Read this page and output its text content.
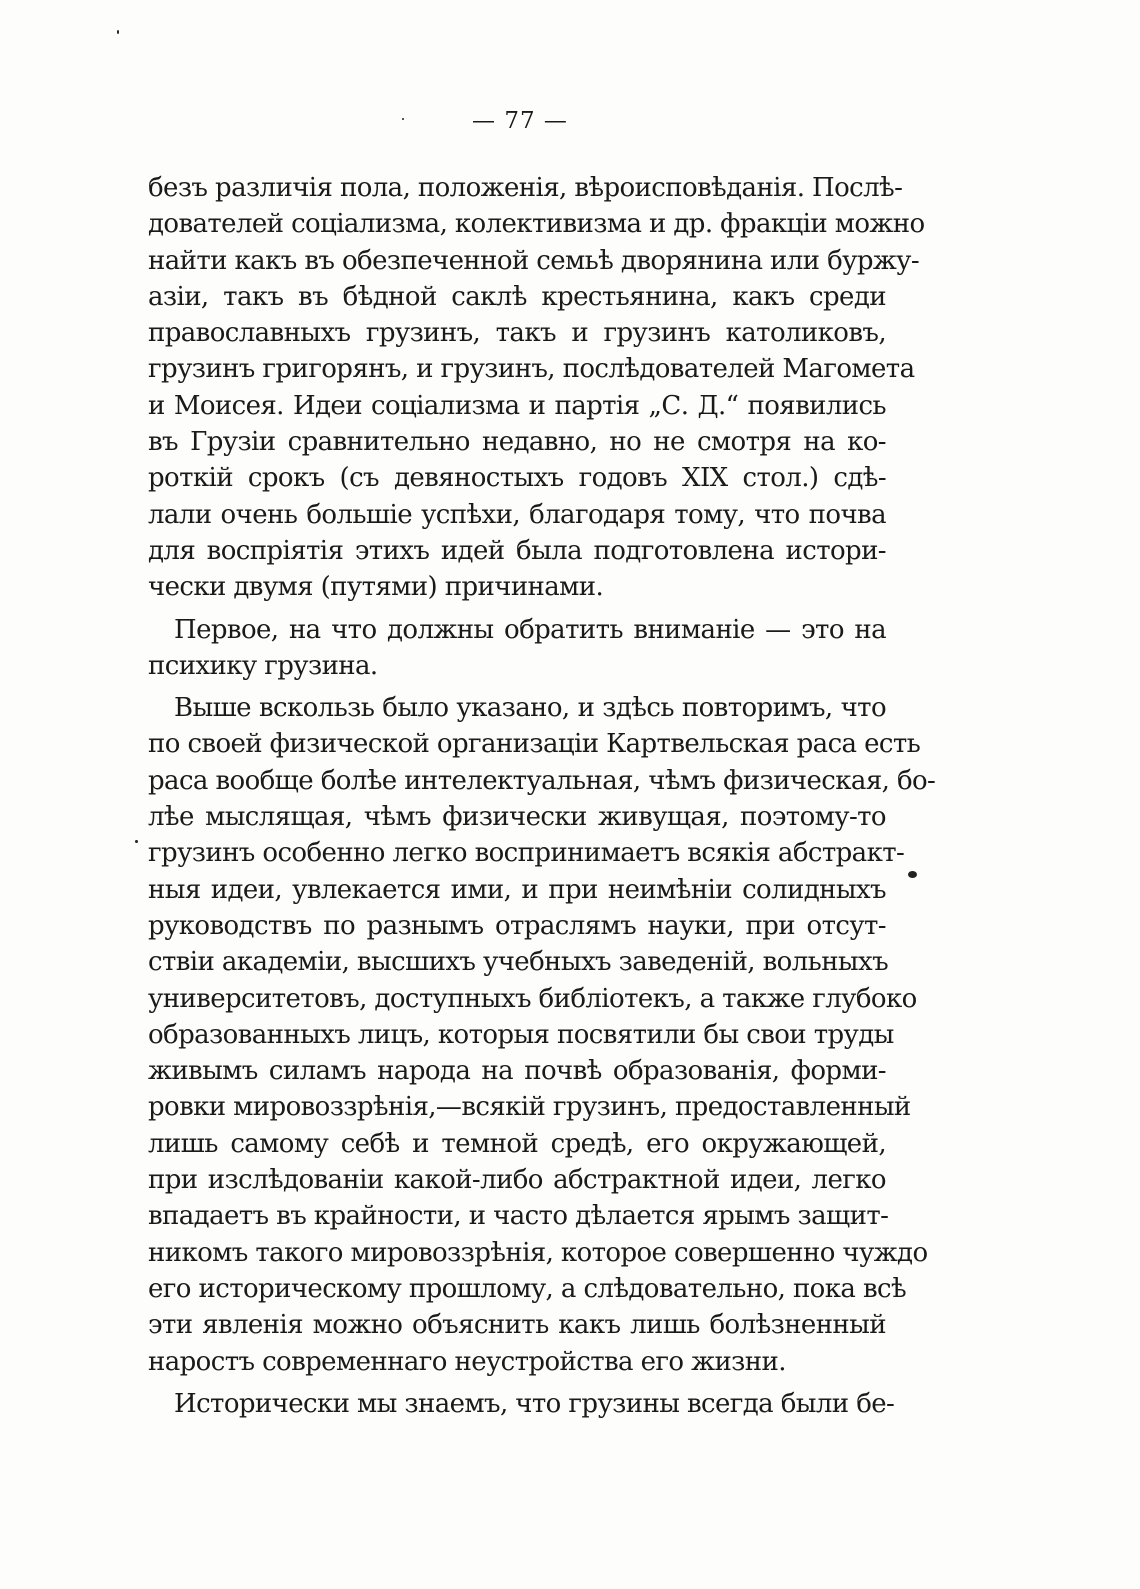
— 77 —
безъ различія пола, положенія, вѣроисповѣданія. Послѣ-
дователей соціализма, колективизма и др. фракціи можно
найти какъ въ обезпеченной семьѣ дворянина или буржу-
азіи, такъ въ бѣдной саклѣ крестьянина, какъ среди
православныхъ грузинъ, такъ и грузинъ католиковъ,
грузинъ григорянъ, и грузинъ, послѣдователей Магомета
и Моисея. Идеи соціализма и партія „С. Д.“ появились
въ Грузіи сравнительно недавно, но не смотря на ко-
роткій срокъ (съ девяностыхъ годовъ XIX стол.) сдѣ-
лали очень большіе успѣхи, благодаря тому, что почва
для воспріятія этихъ идей была подготовлена истори-
чески двумя (путями) причинами.
Первое, на что должны обратить вниманіе — это на
психику грузина.
Выше вскользь было указано, и здѣсь повторимъ, что
по своей физической организаціи Картвельская раса есть
раса вообще болѣе интелектуальная, чѣмъ физическая, бо-
лѣе мыслящая, чѣмъ физически живущая, поэтому-то
грузинъ особенно легко воспринимаетъ всякія абстракт-
ныя идеи, увлекается ими, и при неимѣніи солидныхъ
руководствъ по разнымъ отраслямъ науки, при отсут-
ствіи академіи, высшихъ учебныхъ заведеній, вольныхъ
университетовъ, доступныхъ библіотекъ, а также глубоко
образованныхъ лицъ, которыя посвятили бы свои труды
живымъ силамъ народа на почвѣ образованія, форми-
ровки мировоззрѣнія,—всякій грузинъ, предоставленный
лишь самому себѣ и темной средѣ, его окружающей,
при изслѣдованіи какой-либо абстрактной идеи, легко
впадаетъ въ крайности, и часто дѣлается ярымъ защит-
никомъ такого мировоззрѣнія, которое совершенно чуждо
его историческому прошлому, а слѣдовательно, пока всѣ
эти явленія можно объяснить какъ лишь болѣзненный
наростъ современнаго неустройства его жизни.
Исторически мы знаемъ, что грузины всегда были бе-
